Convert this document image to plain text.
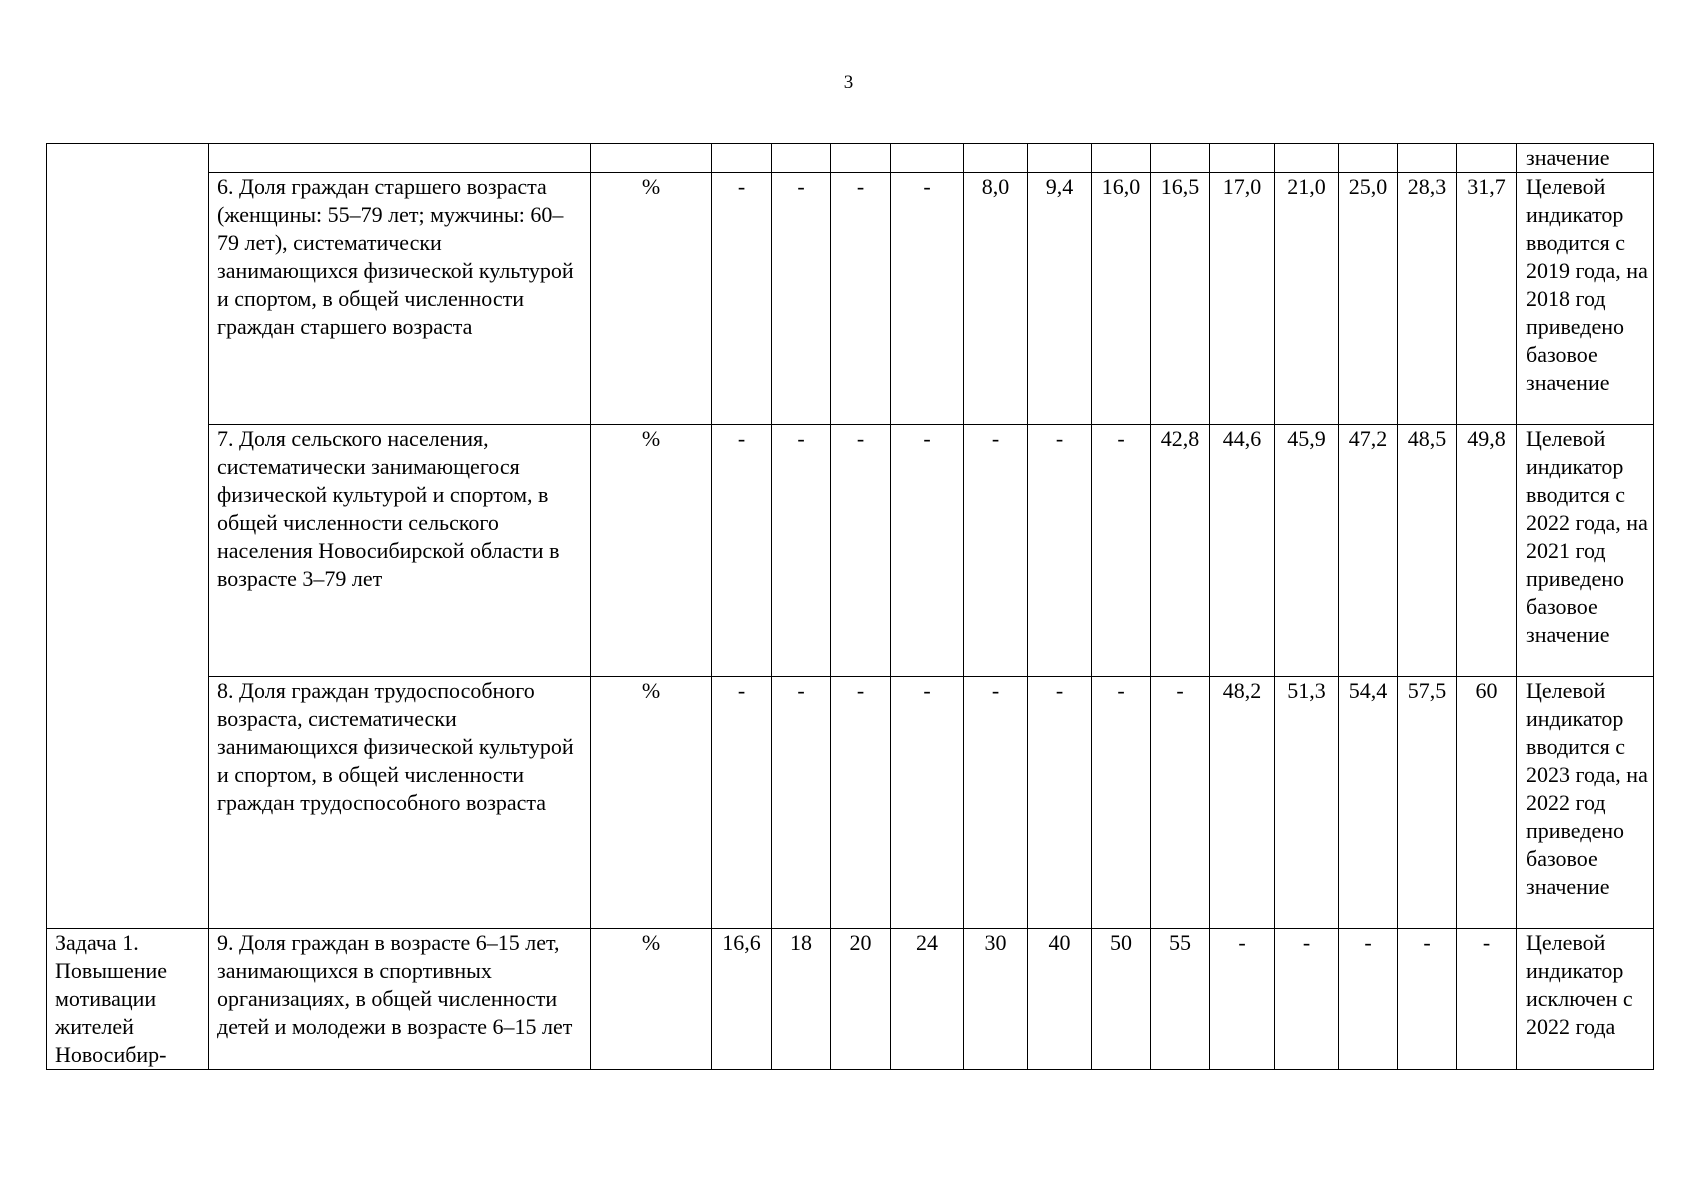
3
																значение
	6. Доля граждан старшего возраста (женщины: 55–79 лет; мужчины: 60–79 лет), систематически занимающихся физической культурой и спортом, в общей численности граждан старшего возраста	%	-	-	-	-	8,0	9,4	16,0	16,5	17,0	21,0	25,0	28,3	31,7	Целевой индикатор вводится с 2019 года, на 2018 год приведено базовое значение
	7. Доля сельского населения, систематически занимающегося физической культурой и спортом, в общей численности сельского населения Новосибирской области в возрасте 3–79 лет	%	-	-	-	-	-	-	-	42,8	44,6	45,9	47,2	48,5	49,8	Целевой индикатор вводится с 2022 года, на 2021 год приведено базовое значение
	8. Доля граждан трудоспособного возраста, систематически занимающихся физической культурой и спортом, в общей численности граждан трудоспособного возраста	%	-	-	-	-	-	-	-	-	48,2	51,3	54,4	57,5	60	Целевой индикатор вводится с 2023 года, на 2022 год приведено базовое значение
Задача 1. Повышение мотивации жителей Новосибир-	9. Доля граждан в возрасте 6–15 лет, занимающихся в спортивных организациях, в общей численности детей и молодежи в возрасте 6–15 лет	%	16,6	18	20	24	30	40	50	55	-	-	-	-	-	Целевой индикатор исключен с 2022 года
